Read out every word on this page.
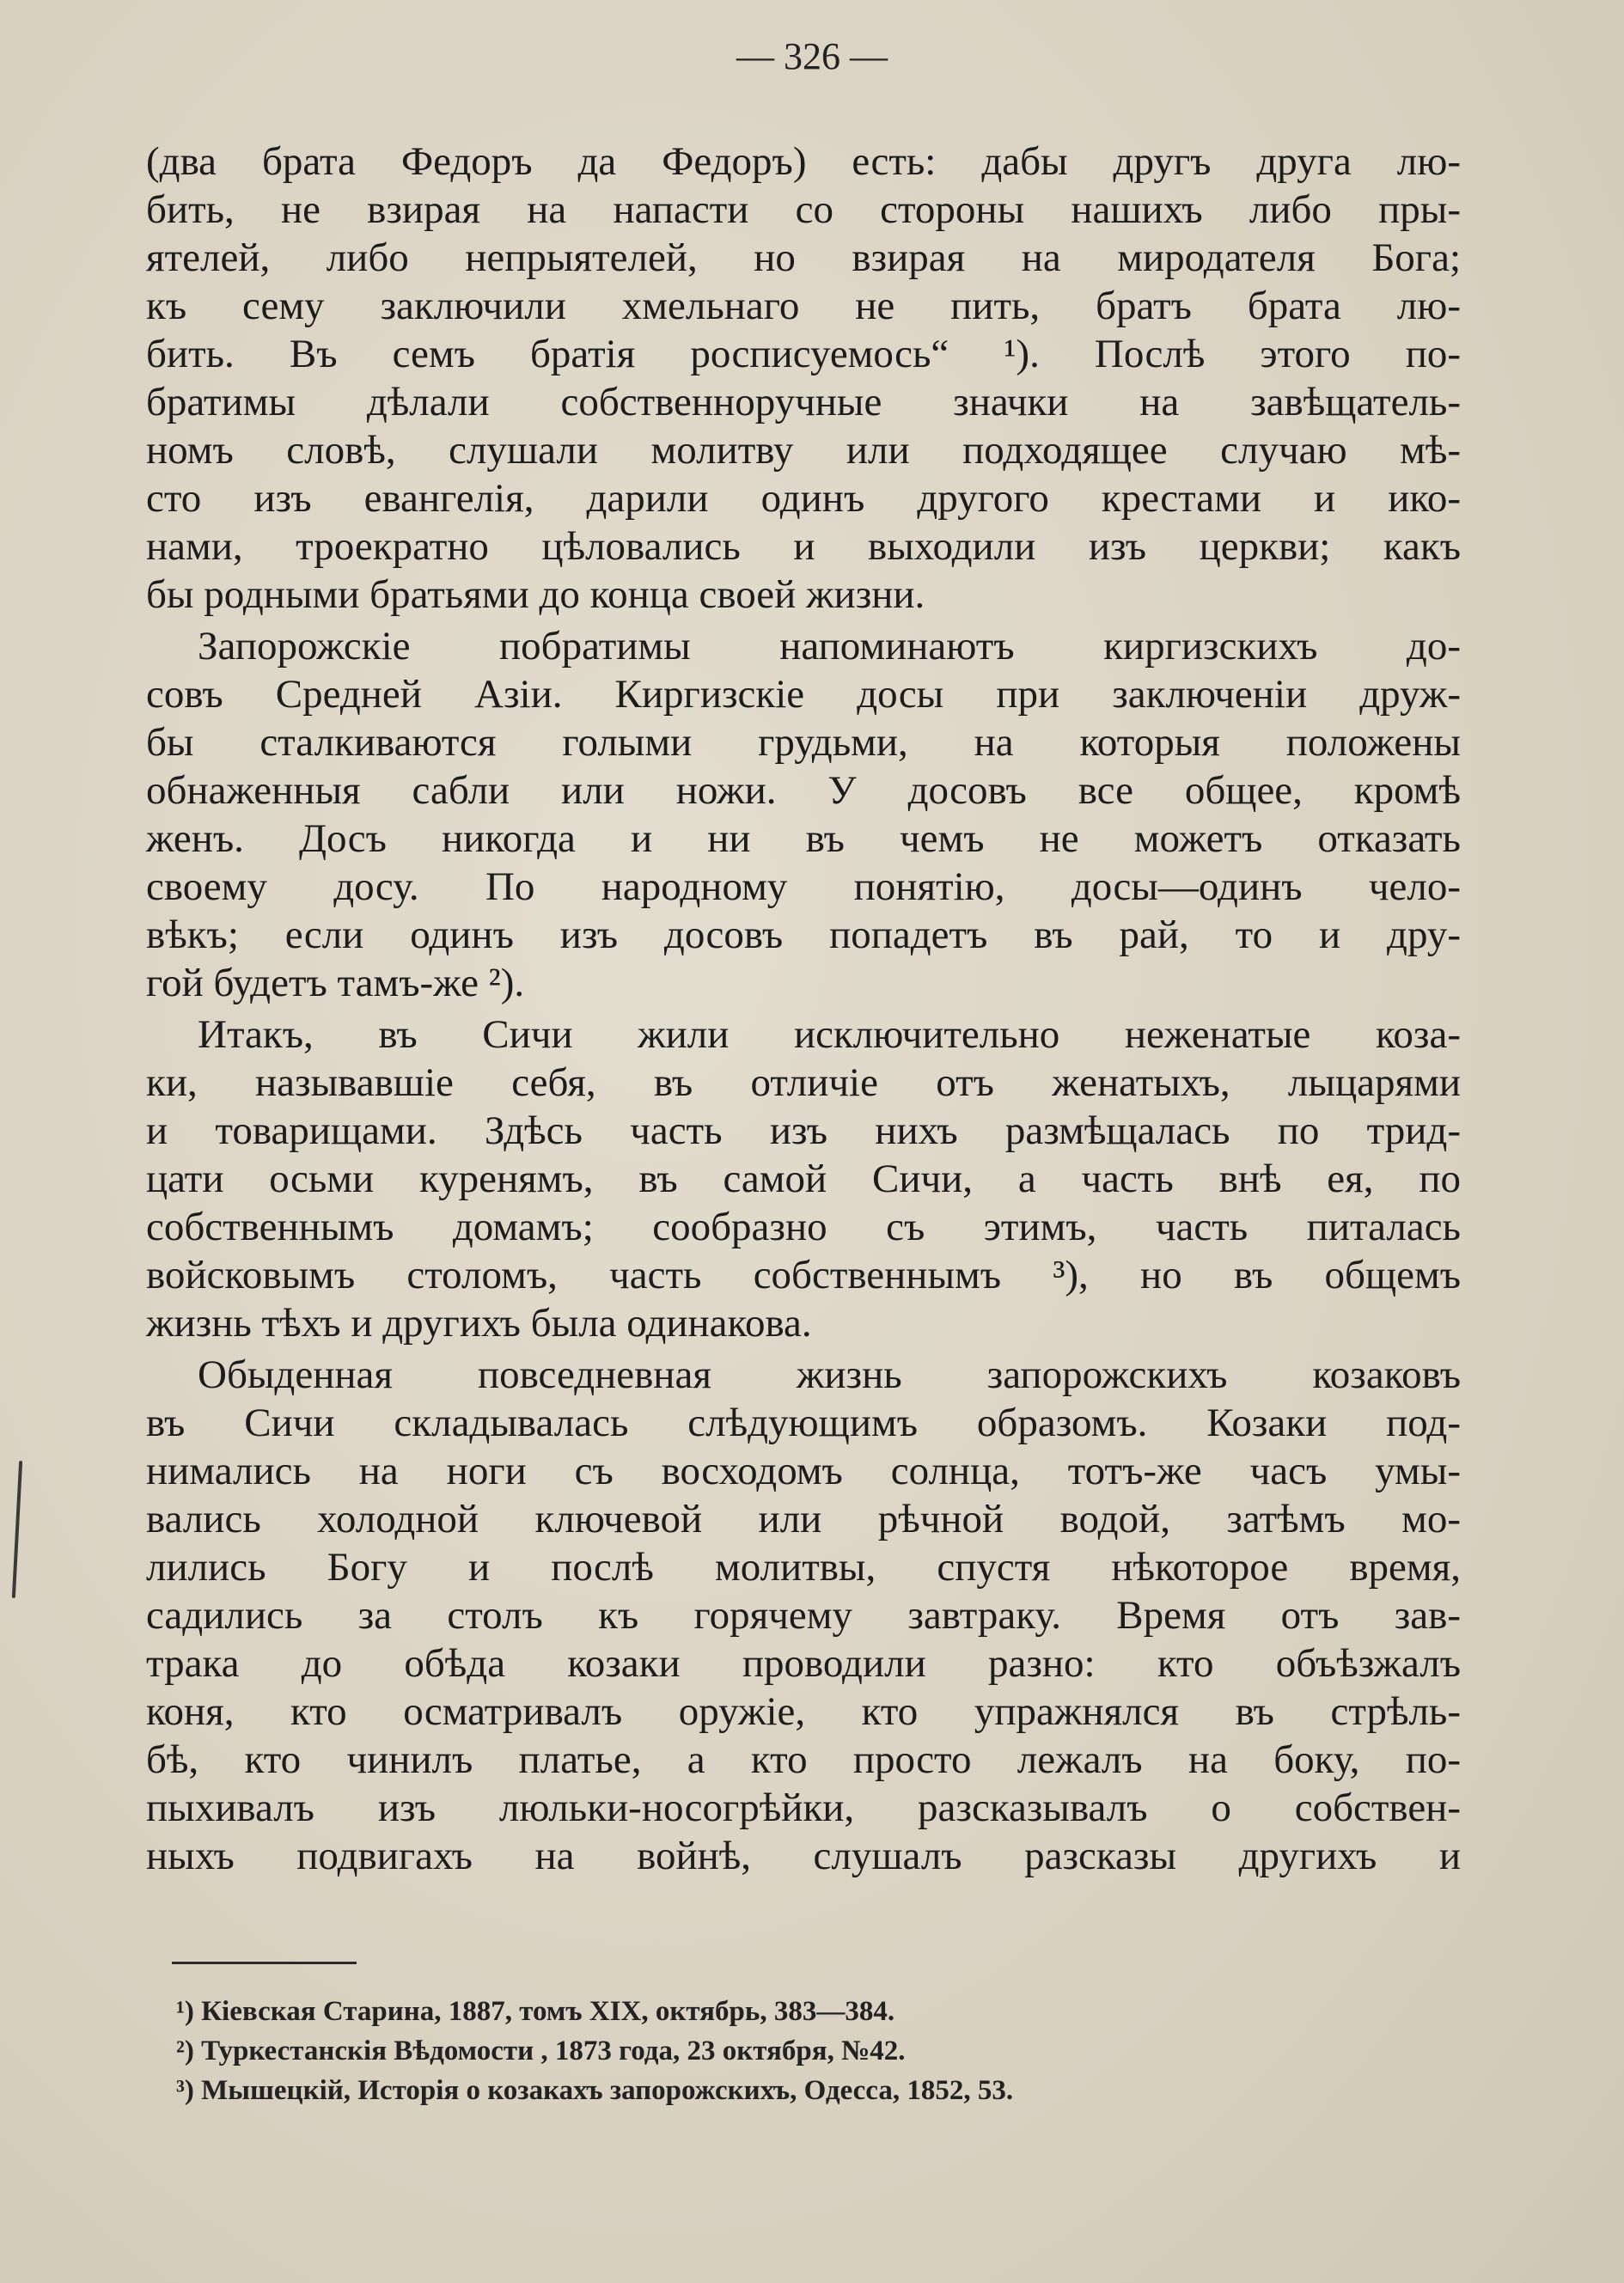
— 326 —
(два брата Федоръ да Федоръ) есть: дабы другъ друга лю-
бить, не взирая на напасти со стороны нашихъ либо пры-
ятелей, либо непрыятелей, но взирая на миродателя Бога;
къ сему заключили хмельнаго не пить, братъ брата лю-
бить. Въ семъ братія росписуемось“ ¹). Послѣ этого по-
братимы дѣлали собственноручные значки на завѣщатель-
номъ словѣ, слушали молитву или подходящее случаю мѣ-
сто изъ евангелія, дарили одинъ другого крестами и ико-
нами, троекратно цѣловались и выходили изъ церкви; какъ
бы родными братьями до конца своей жизни.
Запорожскіе побратимы напоминаютъ киргизскихъ до-
совъ Средней Азіи. Киргизскіе досы при заключеніи друж-
бы сталкиваются голыми грудьми, на которыя положены
обнаженныя сабли или ножи. У досовъ все общее, кромѣ
женъ. Досъ никогда и ни въ чемъ не можетъ отказать
своему досу. По народному понятію, досы—одинъ чело-
вѣкъ; если одинъ изъ досовъ попадетъ въ рай, то и дру-
гой будетъ тамъ-же ²).
Итакъ, въ Сичи жили исключительно неженатые коза-
ки, называвшіе себя, въ отличіе отъ женатыхъ, лыцарями
и товарищами. Здѣсь часть изъ нихъ размѣщалась по трид-
цати осьми куренямъ, въ самой Сичи, а часть внѣ ея, по
собственнымъ домамъ; сообразно съ этимъ, часть питалась
войсковымъ столомъ, часть собственнымъ ³), но въ общемъ
жизнь тѣхъ и другихъ была одинакова.
Обыденная повседневная жизнь запорожскихъ козаковъ
въ Сичи складывалась слѣдующимъ образомъ. Козаки под-
нимались на ноги съ восходомъ солнца, тотъ-же часъ умы-
вались холодной ключевой или рѣчной водой, затѣмъ мо-
лились Богу и послѣ молитвы, спустя нѣкоторое время,
садились за столъ къ горячему завтраку. Время отъ зав-
трака до обѣда козаки проводили разно: кто объѣзжалъ
коня, кто осматривалъ оружіе, кто упражнялся въ стрѣль-
бѣ, кто чинилъ платье, а кто просто лежалъ на боку, по-
пыхивалъ изъ люльки-носогрѣйки, разсказывалъ о собствен-
ныхъ подвигахъ на войнѣ, слушалъ разсказы другихъ и
¹) Кіевская Старина, 1887, томъ XIX, октябрь, 383—384.
²) Туркестанскія Вѣдомости , 1873 года, 23 октября, №42.
³) Мышецкій, Исторія о козакахъ запорожскихъ, Одесса, 1852, 53.
